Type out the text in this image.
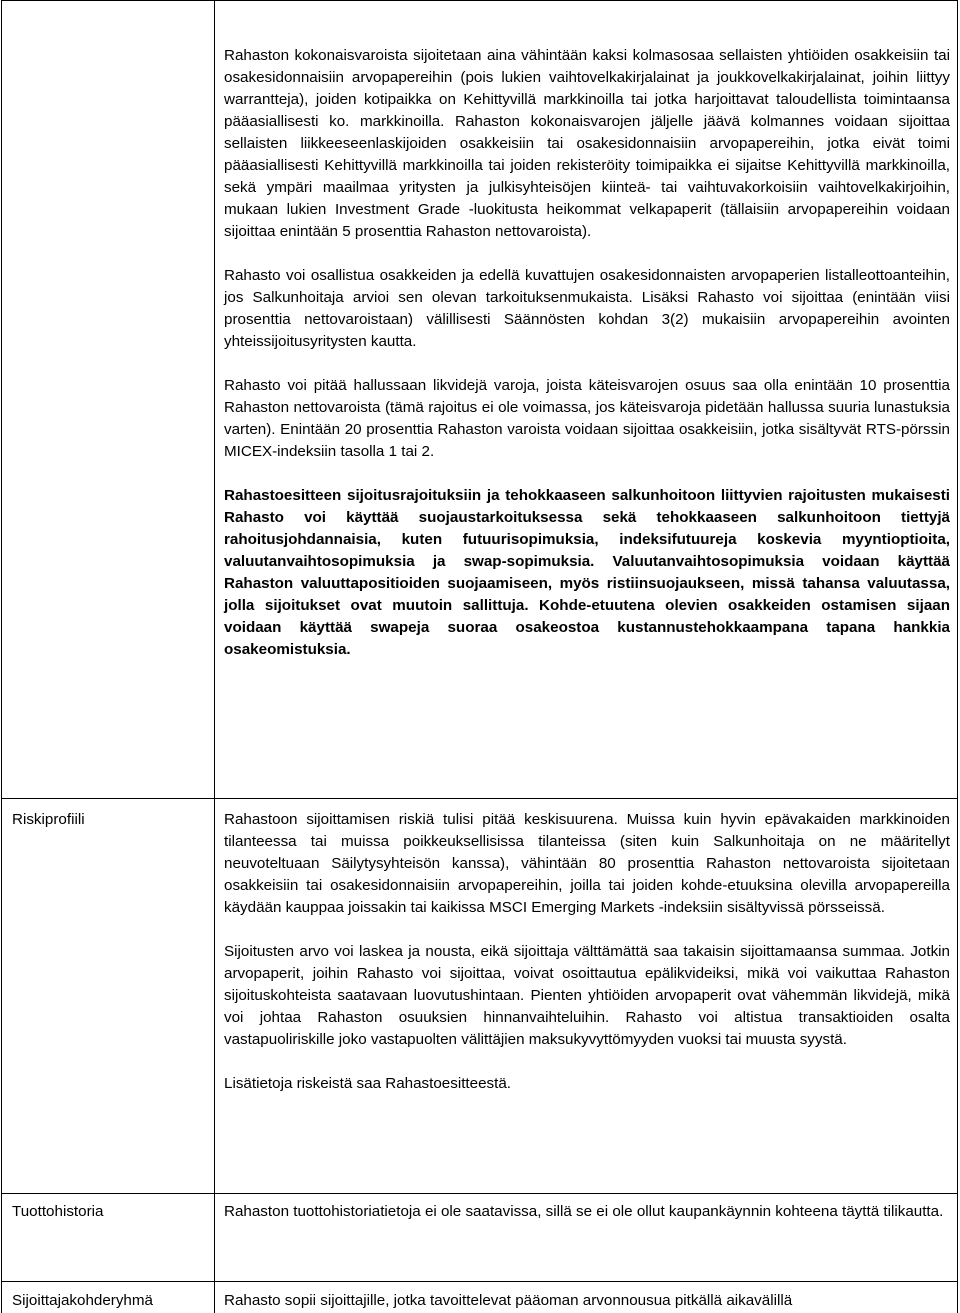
Rahaston kokonaisvaroista sijoitetaan aina vähintään kaksi kolmasosaa sellaisten yhtiöiden osakkeisiin tai osakesidonnaisiin arvopapereihin (pois lukien vaihtovelkakirjalainat ja joukkovelkakirjalainat, joihin liittyy warrantteja), joiden kotipaikka on Kehittyvillä markkinoilla tai jotka harjoittavat taloudellista toimintaansa pääasiallisesti ko. markkinoilla. Rahaston kokonaisvarojen jäljelle jäävä kolmannes voidaan sijoittaa sellaisten liikkeeseenlaskijoiden osakkeisiin tai osakesidonnaisiin arvopapereihin, jotka eivät toimi pääasiallisesti Kehittyvillä markkinoilla tai joiden rekisteröity toimipaikka ei sijaitse Kehittyvillä markkinoilla, sekä ympäri maailmaa yritysten ja julkisyhteisöjen kiinteä- tai vaihtuvakorkoisiin vaihtovelkakirjoihin, mukaan lukien Investment Grade -luokitusta heikommat velkapaperit (tällaisiin arvopapereihin voidaan sijoittaa enintään 5 prosenttia Rahaston nettovaroista).

Rahasto voi osallistua osakkeiden ja edellä kuvattujen osakesidonnaisten arvopaperien listalleottoanteihin, jos Salkunhoitaja arvioi sen olevan tarkoituksenmukaista. Lisäksi Rahasto voi sijoittaa (enintään viisi prosenttia nettovaroistaan) välillisesti Säännösten kohdan 3(2) mukaisiin arvopapereihin avointen yhteissijoitusyritysten kautta.

Rahasto voi pitää hallussaan likvidejä varoja, joista käteisvarojen osuus saa olla enintään 10 prosenttia Rahaston nettovaroista (tämä rajoitus ei ole voimassa, jos käteisvaroja pidetään hallussa suuria lunastuksia varten). Enintään 20 prosenttia Rahaston varoista voidaan sijoittaa osakkeisiin, jotka sisältyvät RTS-pörssin MICEX-indeksiin tasolla 1 tai 2.

Rahastoesitteen sijoitusrajoituksiin ja tehokkaaseen salkunhoitoon liittyvien rajoitusten mukaisesti Rahasto voi käyttää suojaustarkoituksessa sekä tehokkaaseen salkunhoitoon tiettyjä rahoitusjohdannaisia, kuten futuurisopimuksia, indeksifutuureja koskevia myyntioptioita, valuutanvaihtosopimuksia ja swap-sopimuksia. Valuutanvaihtosopimuksia voidaan käyttää Rahaston valuuttapositioiden suojaamiseen, myös ristiinsuojaukseen, missä tahansa valuutassa, jolla sijoitukset ovat muutoin sallittuja. Kohde-etuutena olevien osakkeiden ostamisen sijaan voidaan käyttää swapeja suoraa osakeostoa kustannustehokkaampana tapana hankkia osakeomistuksia.

Riskiprofiili	Rahastoon sijoittamisen riskiä tulisi pitää keskisuurena. Muissa kuin hyvin epävakaiden markkinoiden tilanteessa tai muissa poikkeuksellisissa tilanteissa (siten kuin Salkunhoitaja on ne määritellyt neuvoteltuaan Säilytysyhteisön kanssa), vähintään 80 prosenttia Rahaston nettovaroista sijoitetaan osakkeisiin tai osakesidonnaisiin arvopapereihin, joilla tai joiden kohde-etuuksina olevilla arvopapereilla käydään kauppaa joissakin tai kaikissa MSCI Emerging Markets -indeksiin sisältyvissä pörsseissä.

Sijoitusten arvo voi laskea ja nousta, eikä sijoittaja välttämättä saa takaisin sijoittamaansa summaa. Jotkin arvopaperit, joihin Rahasto voi sijoittaa, voivat osoittautua epälikvideiksi, mikä voi vaikuttaa Rahaston sijoituskohteista saatavaan luovutushintaan. Pienten yhtiöiden arvopaperit ovat vähemmän likvidejä, mikä voi johtaa Rahaston osuuksien hinnanvaihteluihin. Rahasto voi altistua transaktioiden osalta vastapuoliriskille joko vastapuolten välittäjien maksukyvyttömyyden vuoksi tai muusta syystä.

Lisätietoja riskeistä saa Rahastoesitteestä.

Tuottohistoria	Rahaston tuottohistoriatietoja ei ole saatavissa, sillä se ei ole ollut kaupankäynnin kohteena täyttä tilikautta.

Sijoittajakohderyhmä	Rahasto sopii sijoittajille, jotka tavoittelevat pääoman arvonnousua pitkällä aikavälillä
